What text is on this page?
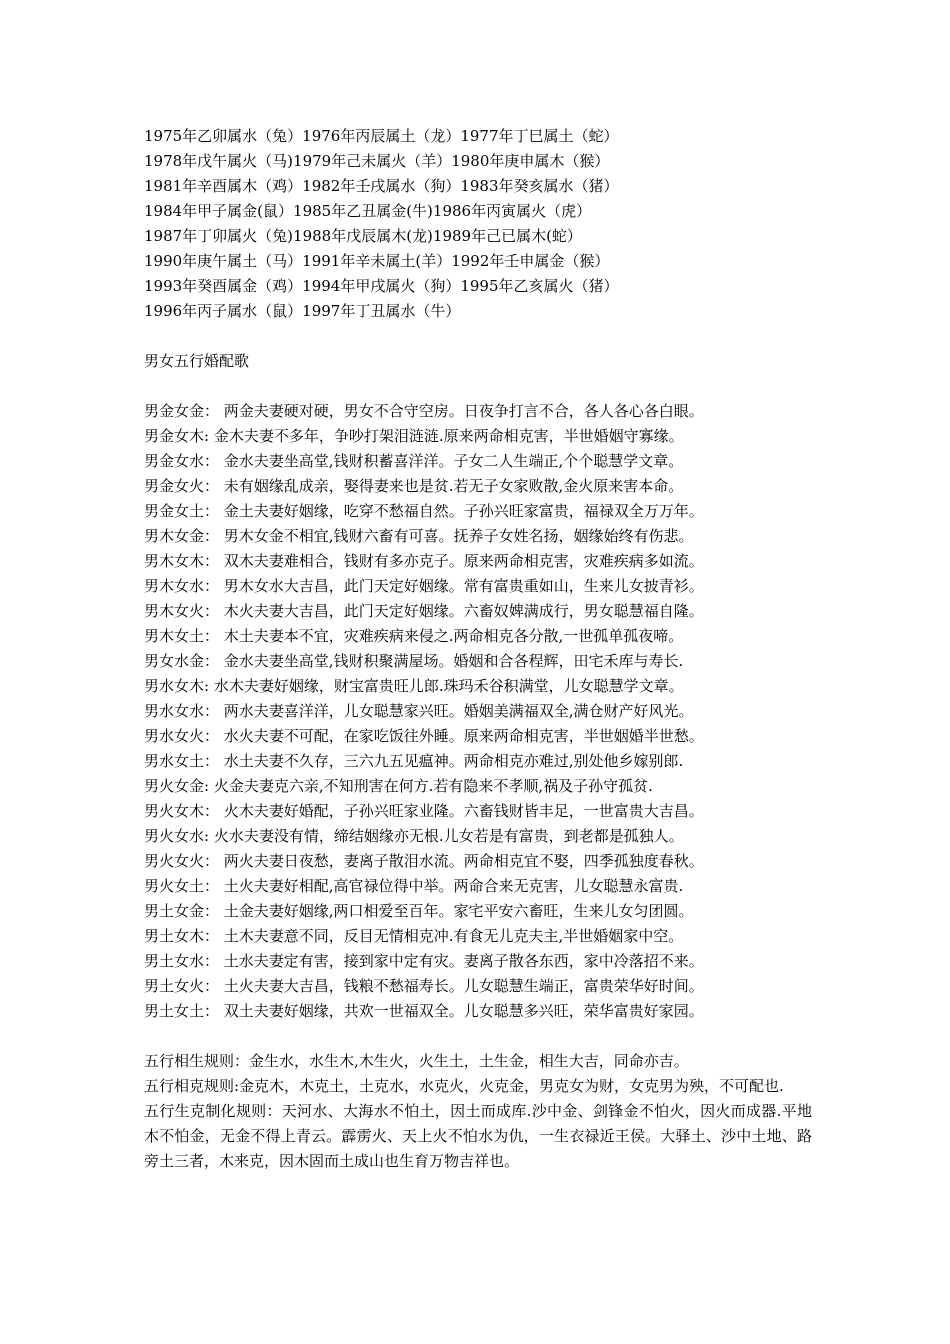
1975年乙卯属水（兔）1976年丙辰属土（龙）1977年丁巳属土（蛇）
1978年戊午属火（马)1979年己未属火（羊）1980年庚申属木（猴）
1981年辛酉属木（鸡）1982年壬戌属水（狗）1983年癸亥属水（猪）
1984年甲子属金(鼠）1985年乙丑属金(牛)1986年丙寅属火（虎）
1987年丁卯属火（兔)1988年戊辰属木(龙)1989年己已属木(蛇）
1990年庚午属土（马）1991年辛未属土(羊）1992年壬申属金（猴）
1993年癸酉属金（鸡）1994年甲戌属火（狗）1995年乙亥属火（猪）
1996年丙子属水（鼠）1997年丁丑属水（牛）
男女五行婚配歌
男金女金： 两金夫妻硬对硬，男女不合守空房。日夜争打言不合，各人各心各白眼。
男金女木: 金木夫妻不多年，争吵打架泪涟涟.原来两命相克害，半世婚姻守寡缘。
男金女水： 金水夫妻坐高堂,钱财积蓄喜洋洋。子女二人生端正,个个聪慧学文章。
男金女火： 未有姻缘乱成亲，娶得妻来也是贫.若无子女家败散,金火原来害本命。
男金女土： 金土夫妻好姻缘，吃穿不愁福自然。子孙兴旺家富贵，福禄双全万万年。
男木女金： 男木女金不相宜,钱财六畜有可喜。抚养子女姓名扬，姻缘始终有伤悲。
男木女木： 双木夫妻难相合，钱财有多亦克子。原来两命相克害，灾难疾病多如流。
男木女水： 男木女水大吉昌，此门天定好姻缘。常有富贵重如山，生来儿女披青衫。
男木女火： 木火夫妻大吉昌，此门天定好姻缘。六畜奴婢满成行，男女聪慧福自隆。
男木女土： 木土夫妻本不宜，灾难疾病来侵之.两命相克各分散,一世孤单孤夜啼。
男女水金： 金水夫妻坐高堂,钱财积聚满屋场。婚姻和合各程辉，田宅禾库与寿长.
男水女木: 水木夫妻好姻缘，财宝富贵旺儿郎.珠玛禾谷积满堂，儿女聪慧学文章。
男水女水： 两水夫妻喜洋洋，儿女聪慧家兴旺。婚姻美满福双全,满仓财产好风光。
男水女火： 水火夫妻不可配，在家吃饭往外睡。原来两命相克害，半世姻婚半世愁。
男水女土： 水土夫妻不久存，三六九五见瘟神。两命相克亦难过,别处他乡嫁别郎.
男火女金: 火金夫妻克六亲,不知刑害在何方.若有隐来不孝顺,祸及子孙守孤贫.
男火女木： 火木夫妻好婚配，子孙兴旺家业隆。六畜钱财皆丰足，一世富贵大吉昌。
男火女水: 火水夫妻没有情，缔结姻缘亦无根.儿女若是有富贵，到老都是孤独人。
男火女火： 两火夫妻日夜愁，妻离子散泪水流。两命相克宜不娶，四季孤独度春秋。
男火女土： 土火夫妻好相配,高官禄位得中举。两命合来无克害，儿女聪慧永富贵.
男土女金： 土金夫妻好姻缘,两口相爱至百年。家宅平安六畜旺，生来儿女匀团圆。
男土女木： 土木夫妻意不同，反目无情相克冲.有食无儿克夫主,半世婚姻家中空。
男土女水： 土水夫妻定有害，接到家中定有灾。妻离子散各东西，家中冷落招不来。
男土女火： 土火夫妻大吉昌，钱粮不愁福寿长。儿女聪慧生端正，富贵荣华好时间。
男土女土： 双土夫妻好姻缘，共欢一世福双全。儿女聪慧多兴旺，荣华富贵好家园。
五行相生规则：金生水，水生木,木生火，火生土，土生金，相生大吉，同命亦吉。
五行相克规则:金克木，木克土，土克水，水克火，火克金，男克女为财，女克男为殃，不可配也.
五行生克制化规则：天河水、大海水不怕土，因土而成库.沙中金、剑锋金不怕火，因火而成器.平地木不怕金，无金不得上青云。霹雳火、天上火不怕水为仇，一生衣禄近王侯。大驿土、沙中土地、路旁土三者，木来克，因木固而土成山也生育万物吉祥也。
